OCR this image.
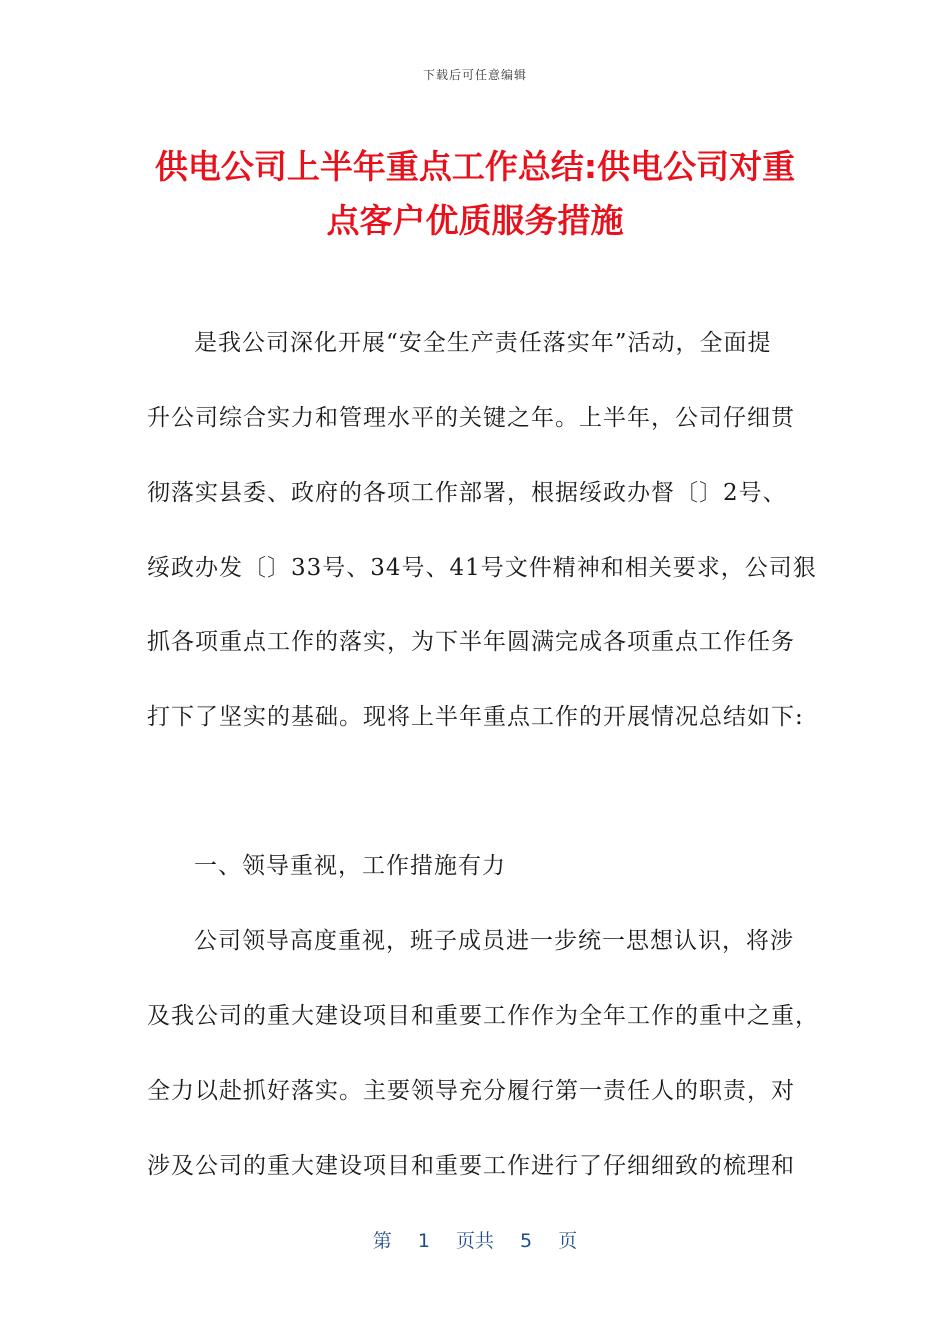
下载后可任意编辑
供电公司上半年重点工作总结:供电公司对重
点客户优质服务措施
是我公司深化开展“安全生产责任落实年”活动，全面提
升公司综合实力和管理水平的关键之年。上半年，公司仔细贯
彻落实县委、政府的各项工作部署，根据绥政办督〔〕2号、
绥政办发〔〕33号、34号、41号文件精神和相关要求，公司狠
抓各项重点工作的落实，为下半年圆满完成各项重点工作任务
打下了坚实的基础。现将上半年重点工作的开展情况总结如下:
一、领导重视，工作措施有力
公司领导高度重视，班子成员进一步统一思想认识，将涉
及我公司的重大建设项目和重要工作作为全年工作的重中之重，
全力以赴抓好落实。主要领导充分履行第一责任人的职责，对
涉及公司的重大建设项目和重要工作进行了仔细细致的梳理和
第 1 页共 5 页
